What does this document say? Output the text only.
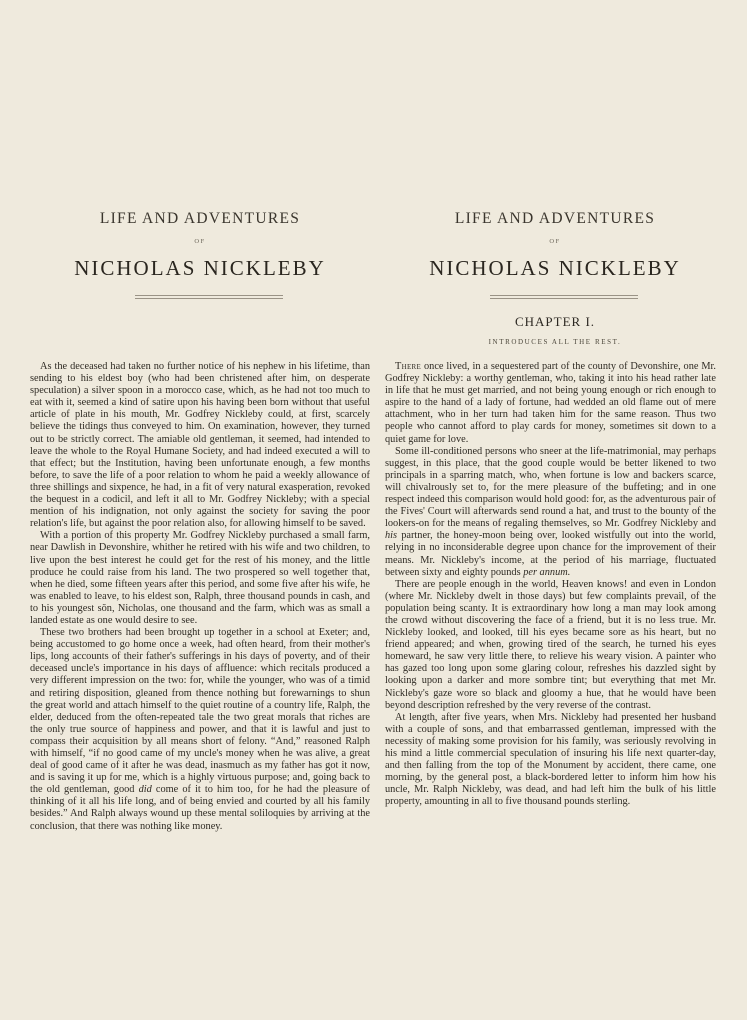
LIFE AND ADVENTURES
OF
NICHOLAS NICKLEBY

As the deceased had taken no further notice of his nephew in his lifetime, than sending to his eldest boy (who had been christened after him, on desperate speculation) a silver spoon in a morocco case, which, as he had not too much to eat with it, seemed a kind of satire upon his having been born without that useful article of plate in his mouth, Mr. Godfrey Nickleby could, at first, scarcely believe the tidings thus conveyed to him. On examination, however, they turned out to be strictly correct. The amiable old gentleman, it seemed, had intended to leave the whole to the Royal Humane Society, and had indeed executed a will to that effect; but the Institution, having been unfortunate enough, a few months before, to save the life of a poor relation to whom he paid a weekly allowance of three shillings and sixpence, he had, in a fit of very natural exasperation, revoked the bequest in a codicil, and left it all to Mr. Godfrey Nickleby; with a special mention of his indignation, not only against the society for saving the poor relation's life, but against the poor relation also, for allowing himself to be saved.

With a portion of this property Mr. Godfrey Nickleby purchased a small farm, near Dawlish in Devonshire, whither he retired with his wife and two children, to live upon the best interest he could get for the rest of his money, and the little produce he could raise from his land. The two prospered so well together that, when he died, some fifteen years after this period, and some five after his wife, he was enabled to leave, to his eldest son, Ralph, three thousand pounds in cash, and to his youngest sŏn, Nicholas, one thousand and the farm, which was as small a landed estate as one would desire to see.

These two brothers had been brought up together in a school at Exeter; and, being accustomed to go home once a week, had often heard, from their mother's lips, long accounts of their father's sufferings in his days of poverty, and of their deceased uncle's importance in his days of affluence: which recitals produced a very different impression on the two: for, while the younger, who was of a timid and retiring disposition, gleaned from thence nothing but forewarnings to shun the great world and attach himself to the quiet routine of a country life, Ralph, the elder, deduced from the often-repeated tale the two great morals that riches are the only true source of happiness and power, and that it is lawful and just to compass their acquisition by all means short of felony. “And,” reasoned Ralph with himself, “if no good came of my uncle's money when he was alive, a great deal of good came of it after he was dead, inasmuch as my father has got it now, and is saving it up for me, which is a highly virtuous purpose; and, going back to the old gentleman, good did come of it to him too, for he had the pleasure of thinking of it all his life long, and of being envied and courted by all his family besides.” And Ralph always wound up these mental soliloquies by arriving at the conclusion, that there was nothing like money.

LIFE AND ADVENTURES
OF
NICHOLAS NICKLEBY
CHAPTER I.
INTRODUCES ALL THE REST.

There once lived, in a sequestered part of the county of Devonshire, one Mr. Godfrey Nickleby: a worthy gentleman, who, taking it into his head rather late in life that he must get married, and not being young enough or rich enough to aspire to the hand of a lady of fortune, had wedded an old flame out of mere attachment, who in her turn had taken him for the same reason. Thus two people who cannot afford to play cards for money, sometimes sit down to a quiet game for love.

Some ill-conditioned persons who sneer at the life-matrimonial, may perhaps suggest, in this place, that the good couple would be better likened to two principals in a sparring match, who, when fortune is low and backers scarce, will chivalrously set to, for the mere pleasure of the buffeting; and in one respect indeed this comparison would hold good: for, as the adventurous pair of the Fives' Court will afterwards send round a hat, and trust to the bounty of the lookers-on for the means of regaling themselves, so Mr. Godfrey Nickleby and his partner, the honey-moon being over, looked wistfully out into the world, relying in no inconsiderable degree upon chance for the improvement of their means. Mr. Nickleby's income, at the period of his marriage, fluctuated between sixty and eighty pounds per annum.

There are people enough in the world, Heaven knows! and even in London (where Mr. Nickleby dwelt in those days) but few complaints prevail, of the population being scanty. It is extraordinary how long a man may look among the crowd without discovering the face of a friend, but it is no less true. Mr. Nickleby looked, and looked, till his eyes became sore as his heart, but no friend appeared; and when, growing tired of the search, he turned his eyes homeward, he saw very little there, to relieve his weary vision. A painter who has gazed too long upon some glaring colour, refreshes his dazzled sight by looking upon a darker and more sombre tint; but everything that met Mr. Nickleby's gaze wore so black and gloomy a hue, that he would have been beyond description refreshed by the very reverse of the contrast.

At length, after five years, when Mrs. Nickleby had presented her husband with a couple of sons, and that embarrassed gentleman, impressed with the necessity of making some provision for his family, was seriously revolving in his mind a little commercial speculation of insuring his life next quarter-day, and then falling from the top of the Monument by accident, there came, one morning, by the general post, a black-bordered letter to inform him how his uncle, Mr. Ralph Nickleby, was dead, and had left him the bulk of his little property, amounting in all to five thousand pounds sterling.
